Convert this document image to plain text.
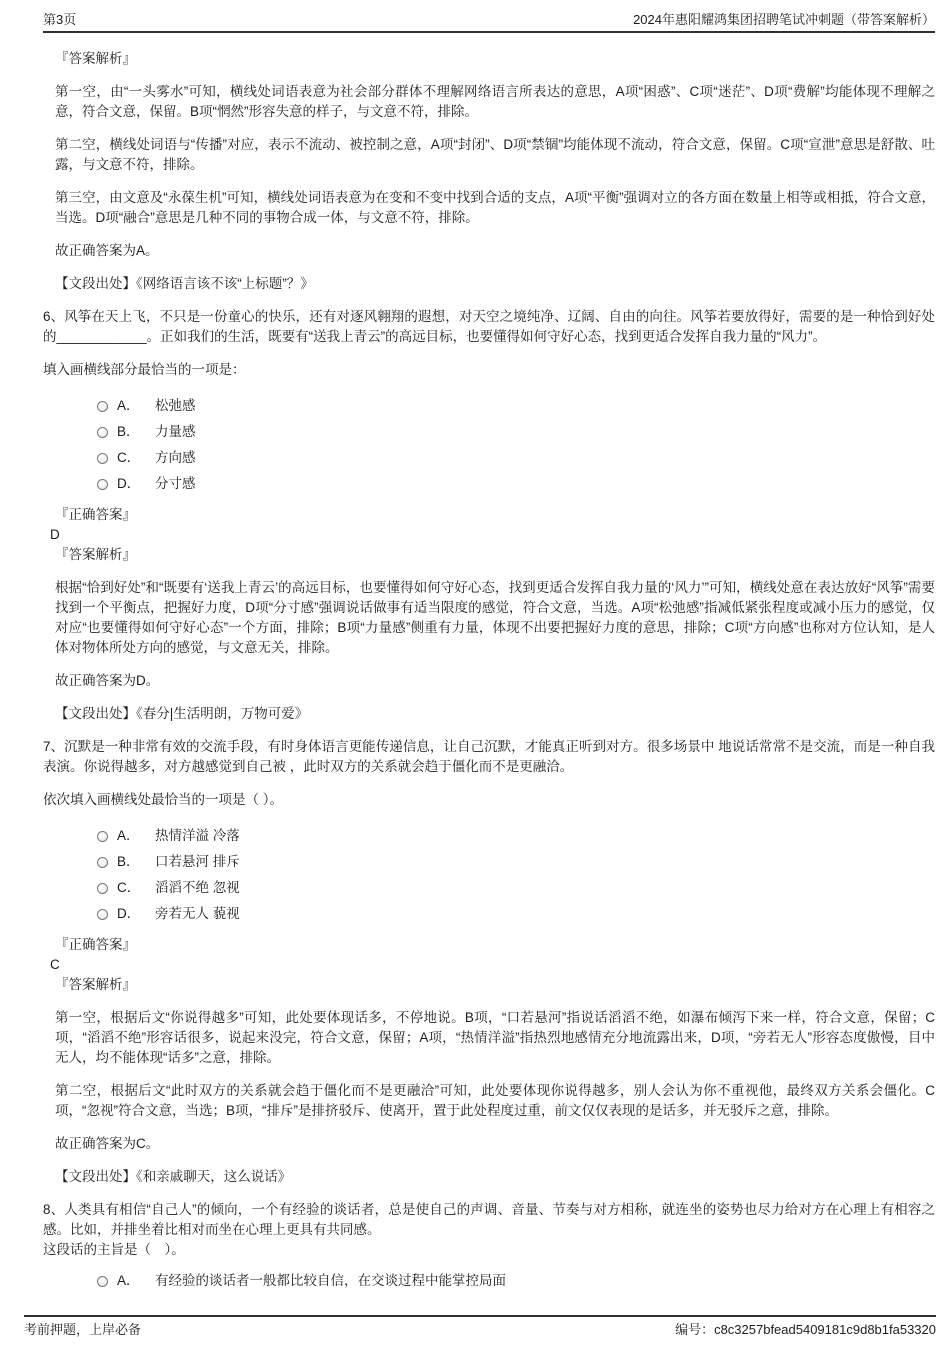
第3页	2024年惠阳耀鸿集团招聘笔试冲刺题（带答案解析）

『答案解析』

第一空，由“一头雾水”可知，横线处词语表意为社会部分群体不理解网络语言所表达的意思，A项“困惑”、C项“迷茫”、D项“费解”均能体现不理解之意，符合文意，保留。B项“惘然”形容失意的样子，与文意不符，排除。

第二空，横线处词语与“传播”对应，表示不流动、被控制之意，A项“封闭”、D项“禁锢”均能体现不流动，符合文意，保留。C项“宣泄”意思是舒散、吐露，与文意不符，排除。

第三空，由文意及“永葆生机”可知，横线处词语表意为在变和不变中找到合适的支点，A项“平衡”强调对立的各方面在数量上相等或相抵，符合文意，当选。D项“融合”意思是几种不同的事物合成一体，与文意不符，排除。

故正确答案为A。

【文段出处】《网络语言该不该“上标题”？》

6、风筝在天上飞，不只是一份童心的快乐，还有对逐风翱翔的遐想，对天空之境纯净、辽阔、自由的向往。风筝若要放得好，需要的是一种恰到好处的____________。正如我们的生活，既要有“送我上青云”的高远目标，也要懂得如何守好心态，找到更适合发挥自我力量的“风力”。

填入画横线部分最恰当的一项是：

A．	松弛感
B．	力量感
C．	方向感
D．	分寸感

『正确答案』

D

『答案解析』

根据“恰到好处”和“既要有‘送我上青云’的高远目标，也要懂得如何守好心态，找到更适合发挥自我力量的‘风力’”可知，横线处意在表达放好“风筝”需要找到一个平衡点，把握好力度，D项“分寸感”强调说话做事有适当限度的感觉，符合文意，当选。A项“松弛感”指减低紧张程度或减小压力的感觉，仅对应“也要懂得如何守好心态”一个方面，排除；B项“力量感”侧重有力量，体现不出要把握好力度的意思，排除；C项“方向感”也称对方位认知，是人体对物体所处方向的感觉，与文意无关，排除。

故正确答案为D。

【文段出处】《春分|生活明朗，万物可爱》

7、沉默是一种非常有效的交流手段，有时身体语言更能传递信息，让自己沉默，才能真正听到对方。很多场景中 地说话常常不是交流，而是一种自我表演。你说得越多，对方越感觉到自己被 ，此时双方的关系就会趋于僵化而不是更融洽。

依次填入画横线处最恰当的一项是（ ）。

A．	热情洋溢 冷落
B．	口若悬河 排斥
C．	滔滔不绝 忽视
D．	旁若无人 藐视

『正确答案』

C

『答案解析』

第一空，根据后文“你说得越多”可知，此处要体现话多，不停地说。B项，“口若悬河”指说话滔滔不绝，如瀑布倾泻下来一样，符合文意，保留；C项，“滔滔不绝”形容话很多，说起来没完，符合文意，保留；A项，“热情洋溢”指热烈地感情充分地流露出来，D项，“旁若无人”形容态度傲慢，目中无人，均不能体现“话多”之意，排除。

第二空，根据后文“此时双方的关系就会趋于僵化而不是更融洽”可知，此处要体现你说得越多，别人会认为你不重视他，最终双方关系会僵化。C项，“忽视”符合文意，当选；B项，“排斥”是排挤驳斥、使离开，置于此处程度过重，前文仅仅表现的是话多，并无驳斥之意，排除。

故正确答案为C。

【文段出处】《和亲戚聊天，这么说话》

8、人类具有相信“自己人”的倾向，一个有经验的谈话者，总是使自己的声调、音量、节奏与对方相称，就连坐的姿势也尽力给对方在心理上有相容之感。比如，并排坐着比相对而坐在心理上更具有共同感。

这段话的主旨是（　）。

A．	有经验的谈话者一般都比较自信，在交谈过程中能掌控局面
考前押题，上岸必备	编号：c8c3257bfead5409181c9d8b1fa53320
